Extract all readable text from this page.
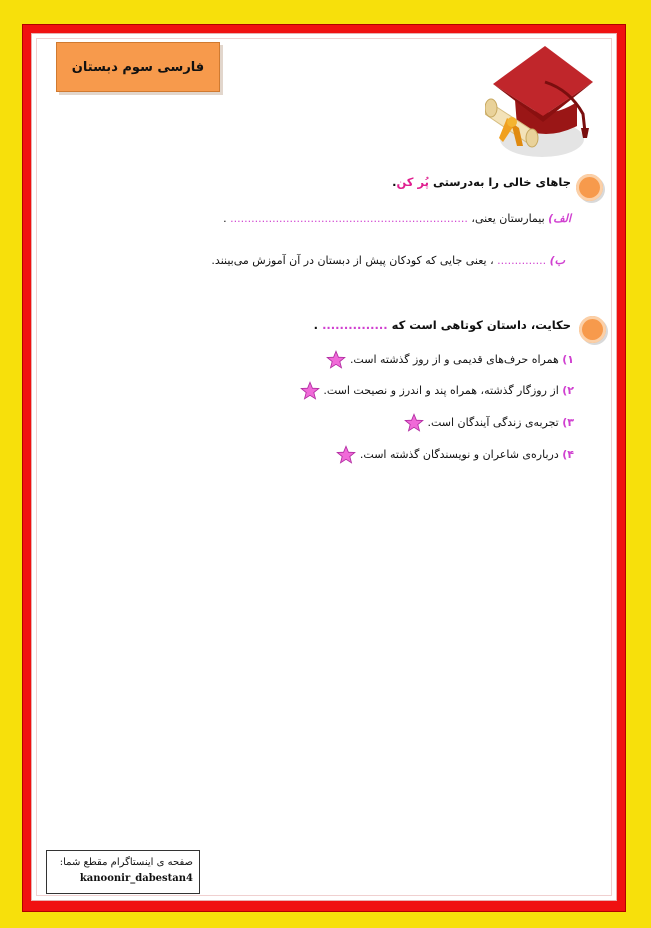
فارسی سوم دبستان
جاهای خالی را به‌درستی پُر کن.
الف) بیمارستان یعنی، .................................................................... .
ب) .............. ، یعنی جایی که کودکان پیش از دبستان در آن آموزش می‌بینند.
حکایت، داستان کوتاهی است که ............... .
۱) همراه حرف‌های قدیمی و از روز گذشته است.
۲) از روزگار گذشته، همراه پند و اندرز و نصیحت است.
۳) تجربه‌ی زندگی آیندگان است.
۴) درباره‌ی شاعران و نویسندگان گذشته است.
صفحه ی اینستاگرام مقطع شما:
kanoonir_dabestan4
